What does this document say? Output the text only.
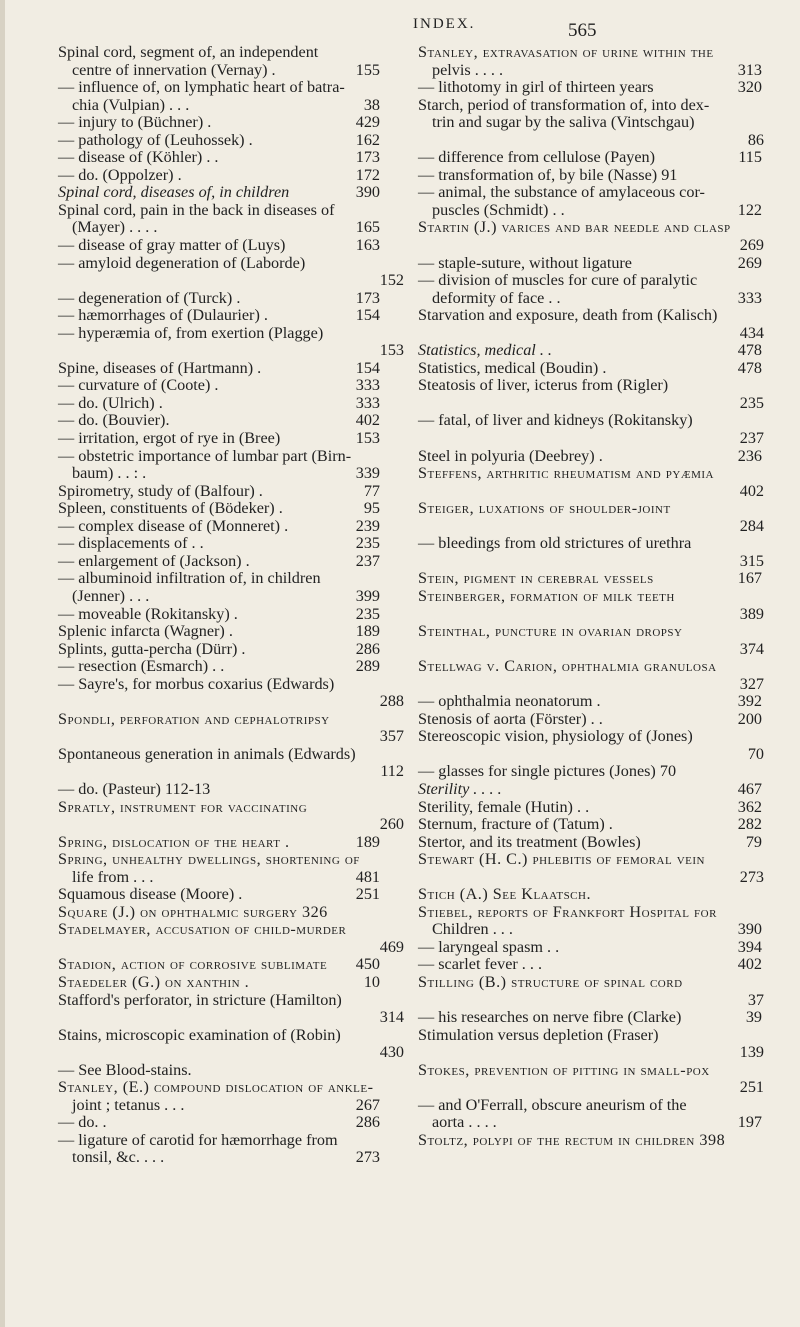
INDEX.	565
Spinal cord, segment of, an independent
centre of innervation (Vernay) .	155
— influence of, on lymphatic heart of batra-
chia (Vulpian) . . .	38
— injury to (Büchner) .	429
— pathology of (Leuhossek) .	162
— disease of (Köhler) . .	173
— do. (Oppolzer) .	172
Spinal cord, diseases of, in children	390
Spinal cord, pain in the back in diseases of
(Mayer) . . . .	165
— disease of gray matter of (Luys)	163
— amyloid degeneration of (Laborde)
152
— degeneration of (Turck) .	173
— hæmorrhages of (Dulaurier) .	154
— hyperæmia of, from exertion (Plagge)
153
Spine, diseases of (Hartmann) .	154
— curvature of (Coote) .	333
— do. (Ulrich) .	333
— do. (Bouvier).	402
— irritation, ergot of rye in (Bree)	153
— obstetric importance of lumbar part (Birn-
baum) . . : .	339
Spirometry, study of (Balfour) .	77
Spleen, constituents of (Bödeker) .	95
— complex disease of (Monneret) .	239
— displacements of . .	235
— enlargement of (Jackson) .	237
— albuminoid infiltration of, in children
(Jenner) . . .	399
— moveable (Rokitansky) .	235
Splenic infarcta (Wagner) .	189
Splints, gutta-percha (Dürr) .	286
— resection (Esmarch) . .	289
— Sayre's, for morbus coxarius (Edwards)
288
Spondli, perforation and cephalotripsy
357
Spontaneous generation in animals (Edwards)
112
— do. (Pasteur) 112-13
Spratly, instrument for vaccinating
260
Spring, dislocation of the heart .	189
Spring, unhealthy dwellings, shortening of
life from . . .	481
Squamous disease (Moore) .	251
Square (J.) on ophthalmic surgery 326
Stadelmayer, accusation of child-murder
469
Stadion, action of corrosive sublimate 450
Staedeler (G.) on xanthin .	10
Stafford's perforator, in stricture (Hamilton)
314
Stains, microscopic examination of (Robin)
430
— See Blood-stains.
Stanley, (E.) compound dislocation of ankle-
joint ; tetanus . . .	267
— do. .	286
— ligature of carotid for hæmorrhage from
tonsil, &c. . . .	273
Stanley, extravasation of urine within the
pelvis . . . .	313
— lithotomy in girl of thirteen years	320
Starch, period of transformation of, into dex-
trin and sugar by the saliva (Vintschgau)
86
— difference from cellulose (Payen)	115
— transformation of, by bile (Nasse) 91
— animal, the substance of amylaceous cor-
puscles (Schmidt) . .	122
Startin (J.) varices and bar needle and clasp
269
— staple-suture, without ligature	269
— division of muscles for cure of paralytic
deformity of face . .	333
Starvation and exposure, death from (Kalisch)
434
Statistics, medical . .	478
Statistics, medical (Boudin) .	478
Steatosis of liver, icterus from (Rigler)
235
— fatal, of liver and kidneys (Rokitansky)
237
Steel in polyuria (Deebrey) .	236
Steffens, arthritic rheumatism and pyæmia
402
Steiger, luxations of shoulder-joint
284
— bleedings from old strictures of urethra
315
Stein, pigment in cerebral vessels	167
Steinberger, formation of milk teeth
389
Steinthal, puncture in ovarian dropsy
374
Stellwag v. Carion, ophthalmia granulosa
327
— ophthalmia neonatorum .	392
Stenosis of aorta (Förster) . .	200
Stereoscopic vision, physiology of (Jones)
70
— glasses for single pictures (Jones) 70
Sterility . . . .	467
Sterility, female (Hutin) . .	362
Sternum, fracture of (Tatum) .	282
Stertor, and its treatment (Bowles)	79
Stewart (H. C.) phlebitis of femoral vein
273
Stich (A.) See Klaatsch.
Stiebel, reports of Frankfort Hospital for
Children . . .	390
— laryngeal spasm . .	394
— scarlet fever . . .	402
Stilling (B.) structure of spinal cord
37
— his researches on nerve fibre (Clarke)	39
Stimulation versus depletion (Fraser)
139
Stokes, prevention of pitting in small-pox
251
— and O'Ferrall, obscure aneurism of the
aorta . . . .	197
Stoltz, polypi of the rectum in children 398
